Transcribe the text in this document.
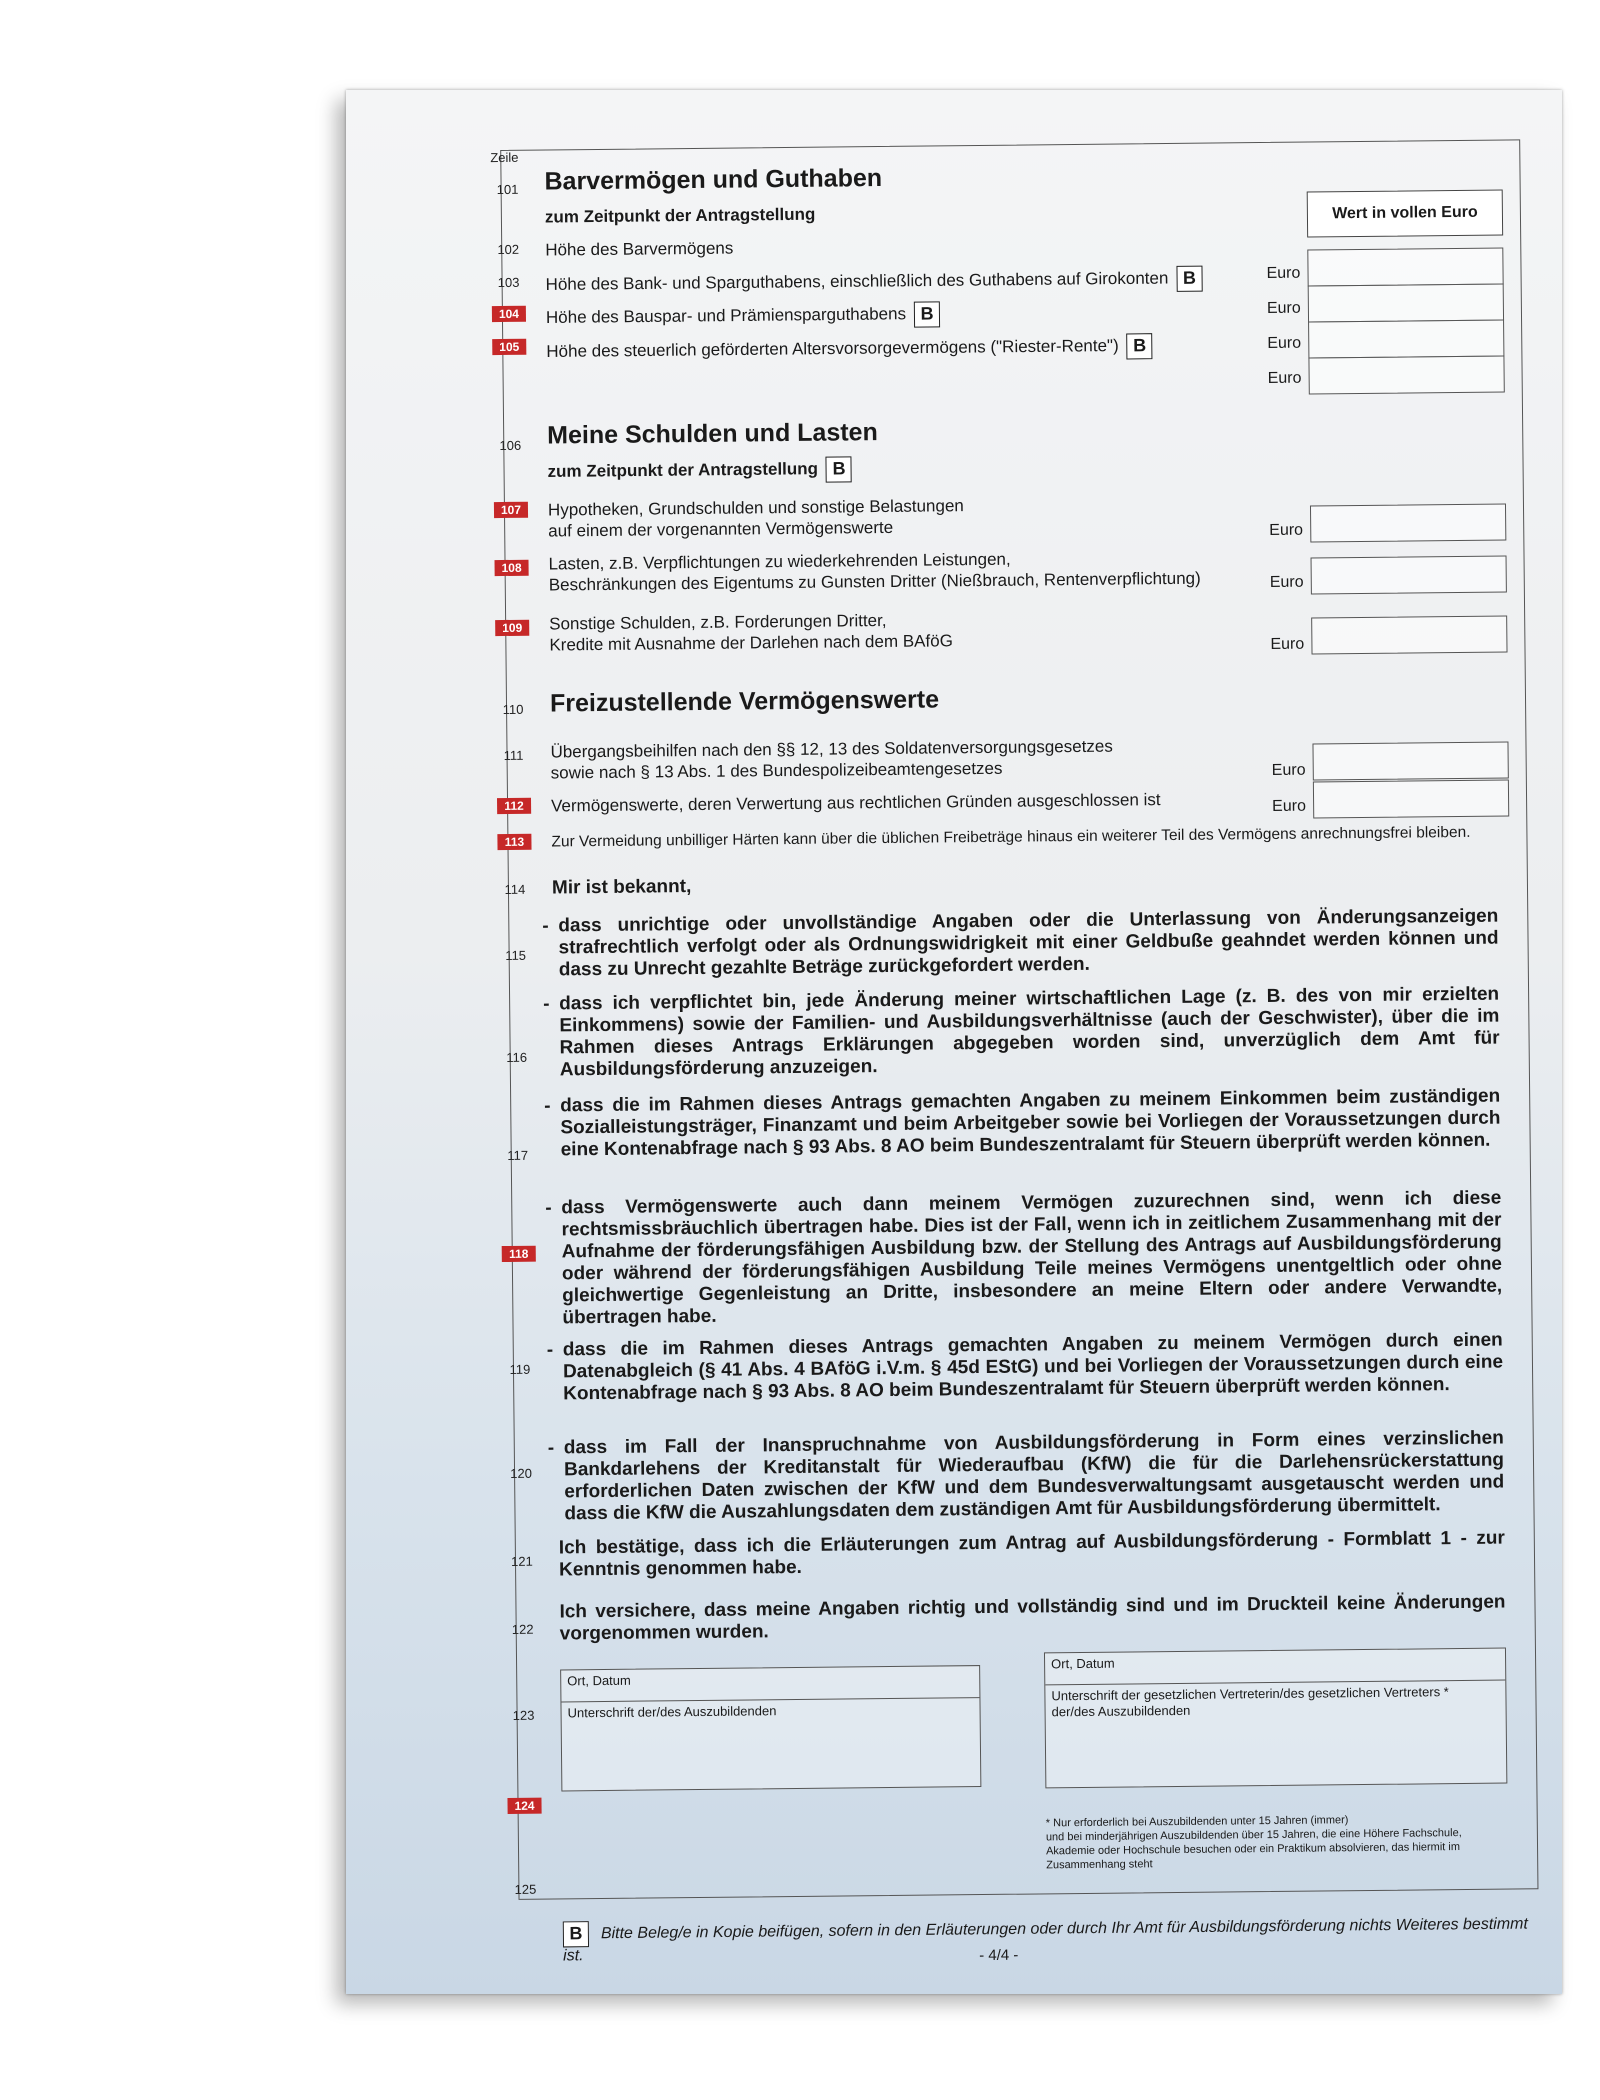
Zeile
101 Barvermögen und Guthaben
zum Zeitpunkt der Antragstellung	Wert in vollen Euro
102	Höhe des Barvermögens
Euro
103	Höhe des Bank- und Sparguthabens, einschließlich des Guthabens auf Girokonten B
Euro
104	Höhe des Bauspar- und Prämiensparguthabens B
Euro
105	Höhe des steuerlich geförderten Altersvorsorgevermögens ("Riester-Rente") B
Euro
106 Meine Schulden und Lasten
zum Zeitpunkt der Antragstellung B
107	Hypotheken, Grundschulden und sonstige Belastungen
auf einem der vorgenannten Vermögenswerte	Euro
108	Lasten, z.B. Verpflichtungen zu wiederkehrenden Leistungen,
Beschränkungen des Eigentums zu Gunsten Dritter (Nießbrauch, Rentenverpflichtung)	Euro
109	Sonstige Schulden, z.B. Forderungen Dritter,
Kredite mit Ausnahme der Darlehen nach dem BAföG	Euro
110 Freizustellende Vermögenswerte
111	Übergangsbeihilfen nach den §§ 12, 13 des Soldatenversorgungsgesetzes
sowie nach § 13 Abs. 1 des Bundespolizeibeamtengesetzes	Euro
112	Vermögenswerte, deren Verwertung aus rechtlichen Gründen ausgeschlossen ist	Euro
113	Zur Vermeidung unbilliger Härten kann über die üblichen Freibeträge hinaus ein weiterer Teil des Vermögens anrechnungsfrei bleiben.
114	Mir ist bekannt,
115
- dass unrichtige oder unvollständige Angaben oder die Unterlassung von Änderungsanzeigen strafrechtlich verfolgt oder als Ordnungswidrigkeit mit einer Geldbuße geahndet werden können und dass zu Unrecht gezahlte Beträge zurückgefordert werden.
116
- dass ich verpflichtet bin, jede Änderung meiner wirtschaftlichen Lage (z. B. des von mir erzielten Einkommens) sowie der Familien- und Ausbildungsverhältnisse (auch der Geschwister), über die im Rahmen dieses Antrags Erklärungen abgegeben worden sind, unverzüglich dem Amt für Ausbildungsförderung anzuzeigen.
117
- dass die im Rahmen dieses Antrags gemachten Angaben zu meinem Einkommen beim zuständigen Sozialleistungsträger, Finanzamt und beim Arbeitgeber sowie bei Vorliegen der Voraussetzungen durch eine Kontenabfrage nach § 93 Abs. 8 AO beim Bundeszentralamt für Steuern überprüft werden können.
118
- dass Vermögenswerte auch dann meinem Vermögen zuzurechnen sind, wenn ich diese rechtsmissbräuchlich übertragen habe. Dies ist der Fall, wenn ich in zeitlichem Zusammenhang mit der Aufnahme der förderungsfähigen Ausbildung bzw. der Stellung des Antrags auf Ausbildungsförderung oder während der förderungsfähigen Ausbildung Teile meines Vermögens unentgeltlich oder ohne gleichwertige Gegenleistung an Dritte, insbesondere an meine Eltern oder andere Verwandte, übertragen habe.
119
- dass die im Rahmen dieses Antrags gemachten Angaben zu meinem Vermögen durch einen Datenabgleich (§ 41 Abs. 4 BAföG i.V.m. § 45d EStG) und bei Vorliegen der Voraussetzungen durch eine Kontenabfrage nach § 93 Abs. 8 AO beim Bundeszentralamt für Steuern überprüft werden können.
120
- dass im Fall der Inanspruchnahme von Ausbildungsförderung in Form eines verzinslichen Bankdarlehens der Kreditanstalt für Wiederaufbau (KfW) die für die Darlehensrückerstattung erforderlichen Daten zwischen der KfW und dem Bundesverwaltungsamt ausgetauscht werden und dass die KfW die Auszahlungsdaten dem zuständigen Amt für Ausbildungsförderung übermittelt.
121
Ich bestätige, dass ich die Erläuterungen zum Antrag auf Ausbildungsförderung - Formblatt 1 - zur Kenntnis genommen habe.
122
Ich versichere, dass meine Angaben richtig und vollständig sind und im Druckteil keine Änderungen vorgenommen wurden.
123
Ort, Datum
Unterschrift der/des Auszubildenden
Ort, Datum
Unterschrift der gesetzlichen Vertreterin/des gesetzlichen Vertreters *
der/des Auszubildenden
124
* Nur erforderlich bei Auszubildenden unter 15 Jahren (immer)
und bei minderjährigen Auszubildenden über 15 Jahren, die eine Höhere Fachschule, Akademie oder Hochschule besuchen oder ein Praktikum absolvieren, das hiermit im Zusammenhang steht
125
B Bitte Beleg/e in Kopie beifügen, sofern in den Erläuterungen oder durch Ihr Amt für Ausbildungsförderung nichts Weiteres bestimmt ist.	- 4/4 -
